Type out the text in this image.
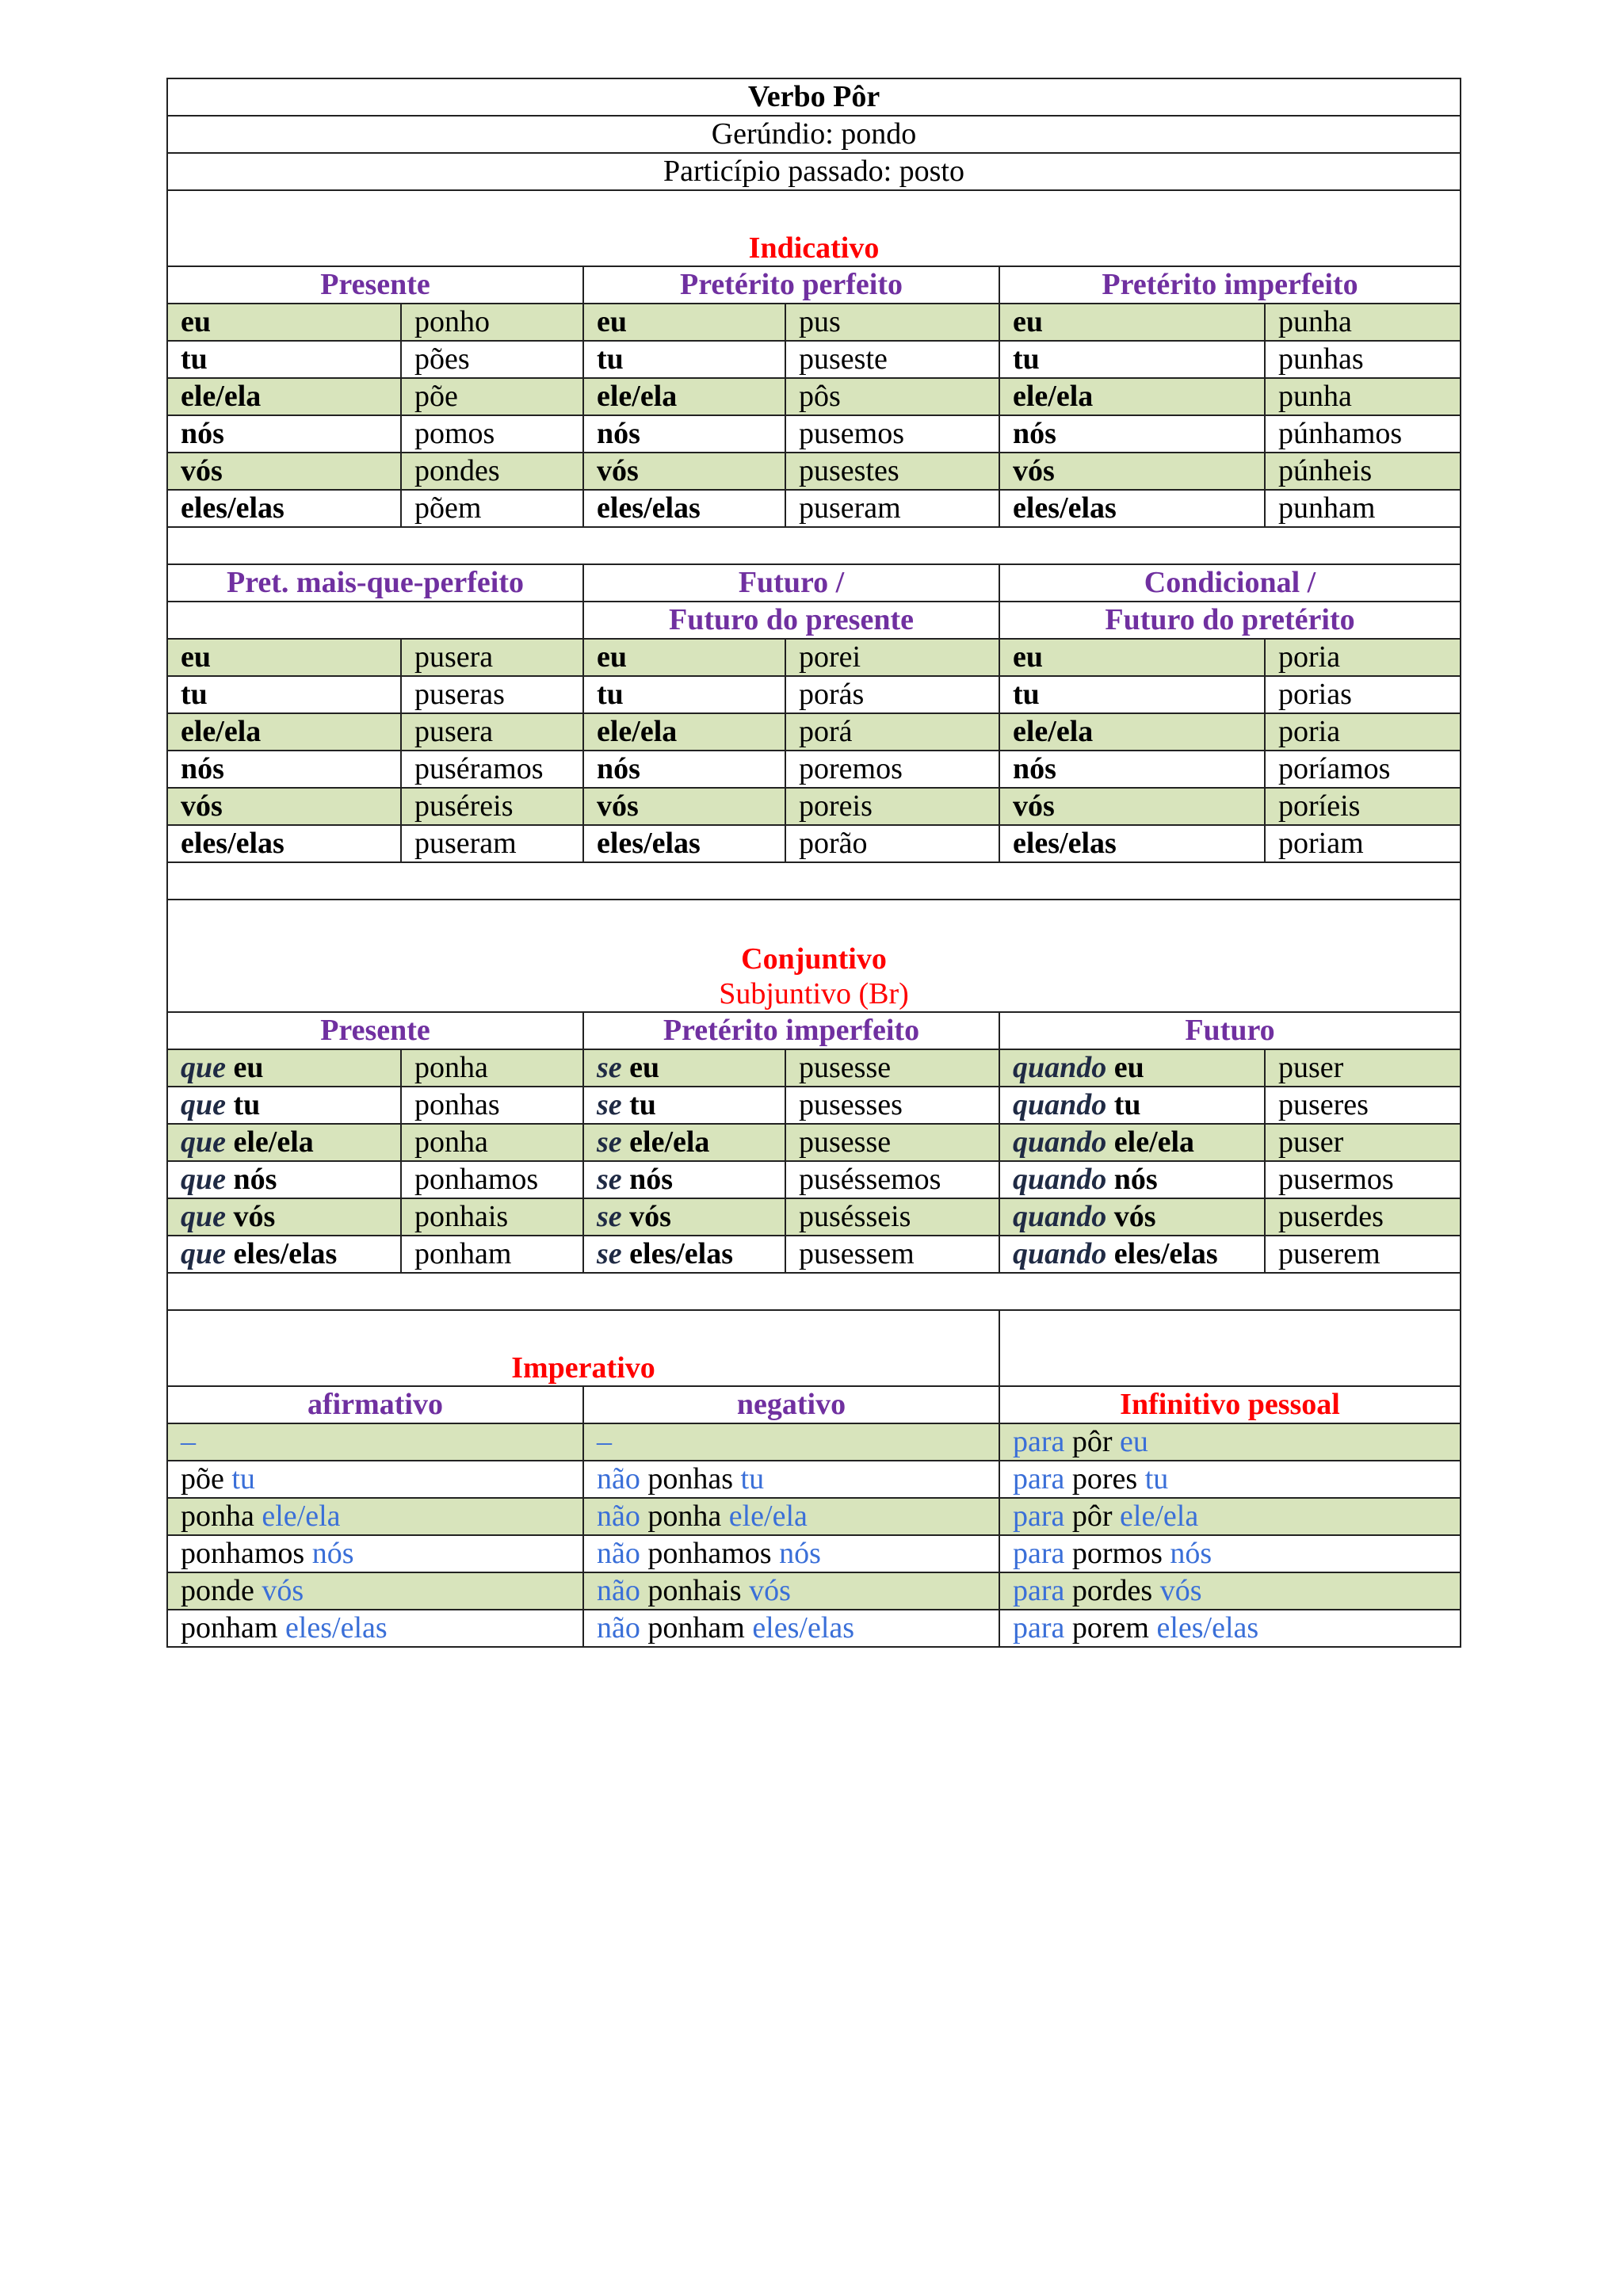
Verbo Pôr					
Gerúndio: pondo					
Particípio passado: posto					
Indicativo					
Presente		Pretérito perfeito		Pretérito imperfeito	
eu	ponho	eu	pus	eu	punha
tu	pões	tu	puseste	tu	punhas
ele/ela	põe	ele/ela	pôs	ele/ela	punha
nós	pomos	nós	pusemos	nós	púnhamos
vós	pondes	vós	pusestes	vós	púnheis
eles/elas	põem	eles/elas	puseram	eles/elas	punham

Pret. mais-que-perfeito		Futuro /		Condicional /	
		Futuro do presente		Futuro do pretérito	
eu	pusera	eu	porei	eu	poria
tu	puseras	tu	porás	tu	porias
ele/ela	pusera	ele/ela	porá	ele/ela	poria
nós	puséramos	nós	poremos	nós	poríamos
vós	puséreis	vós	poreis	vós	poríeis
eles/elas	puseram	eles/elas	porão	eles/elas	poriam

Conjuntivo
Subjuntivo (Br)					

Presente		Pretérito imperfeito		Futuro	
que eu	ponha	se eu	pusesse	quando eu	puser
que tu	ponhas	se tu	pusesses	quando tu	puseres
que ele/ela	ponha	se ele/ela	pusesse	quando ele/ela	puser
que nós	ponhamos	se nós	puséssemos	quando nós	pusermos
que vós	ponhais	se vós	pusésseis	quando vós	puserdes
que eles/elas	ponham	se eles/elas	pusessem	quando eles/elas	puserem

Imperativo					
afirmativo		negativo		Infinitivo pessoal	
–		–		para pôr eu	
põe tu		não ponhas tu		para pores tu	
ponha ele/ela		não ponha ele/ela		para pôr ele/ela	
ponhamos nós		não ponhamos nós		para pormos nós	
ponde vós		não ponhais vós		para pordes vós	
ponham eles/elas		não ponham eles/elas		para porem eles/elas	
